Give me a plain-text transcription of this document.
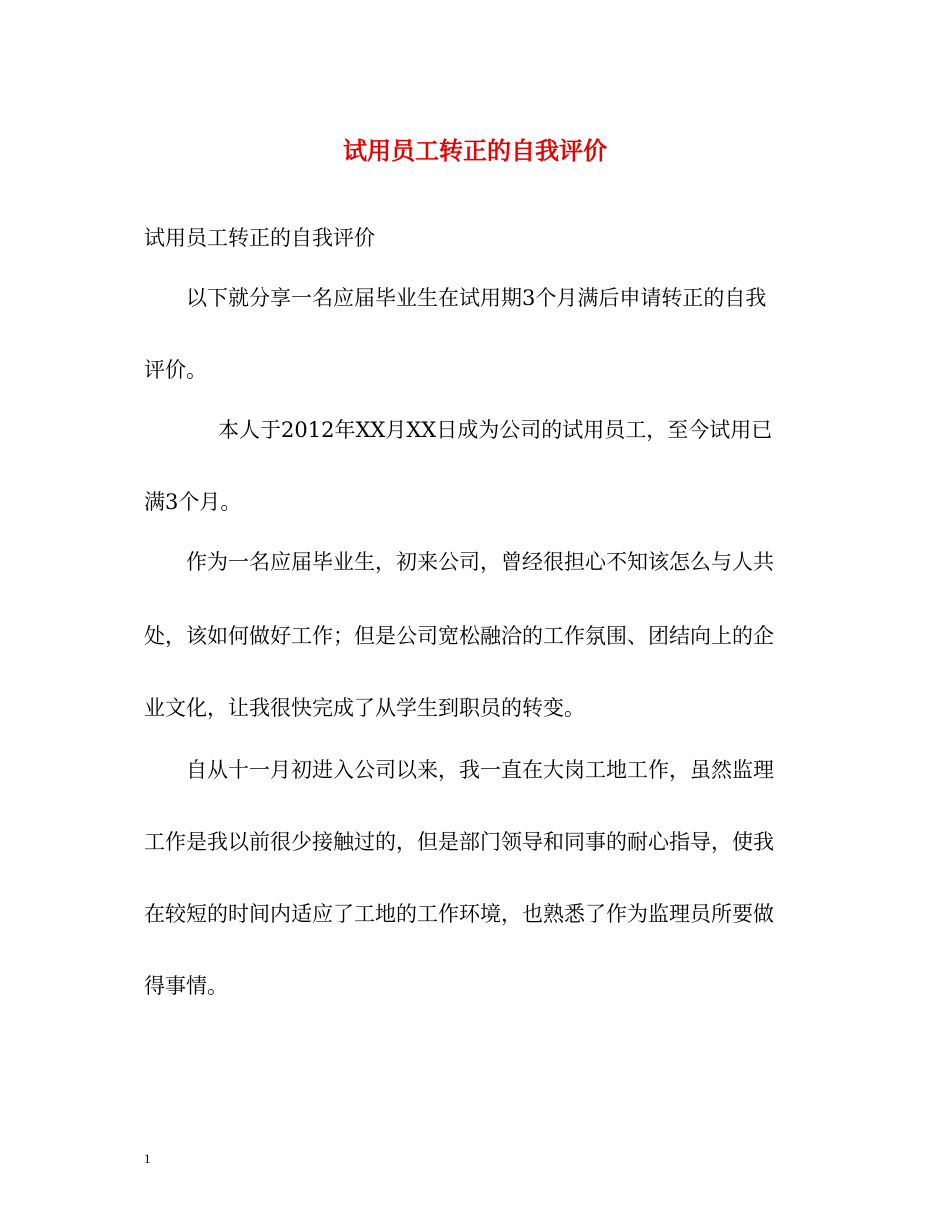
试用员工转正的自我评价

试用员工转正的自我评价

以下就分享一名应届毕业生在试用期3个月满后申请转正的自我

评价。

本人于2012年XX月XX日成为公司的试用员工，至今试用已

满3个月。

作为一名应届毕业生，初来公司，曾经很担心不知该怎么与人共

处，该如何做好工作；但是公司宽松融洽的工作氛围、团结向上的企

业文化，让我很快完成了从学生到职员的转变。

自从十一月初进入公司以来，我一直在大岗工地工作，虽然监理

工作是我以前很少接触过的，但是部门领导和同事的耐心指导，使我

在较短的时间内适应了工地的工作环境，也熟悉了作为监理员所要做

得事情。

1
